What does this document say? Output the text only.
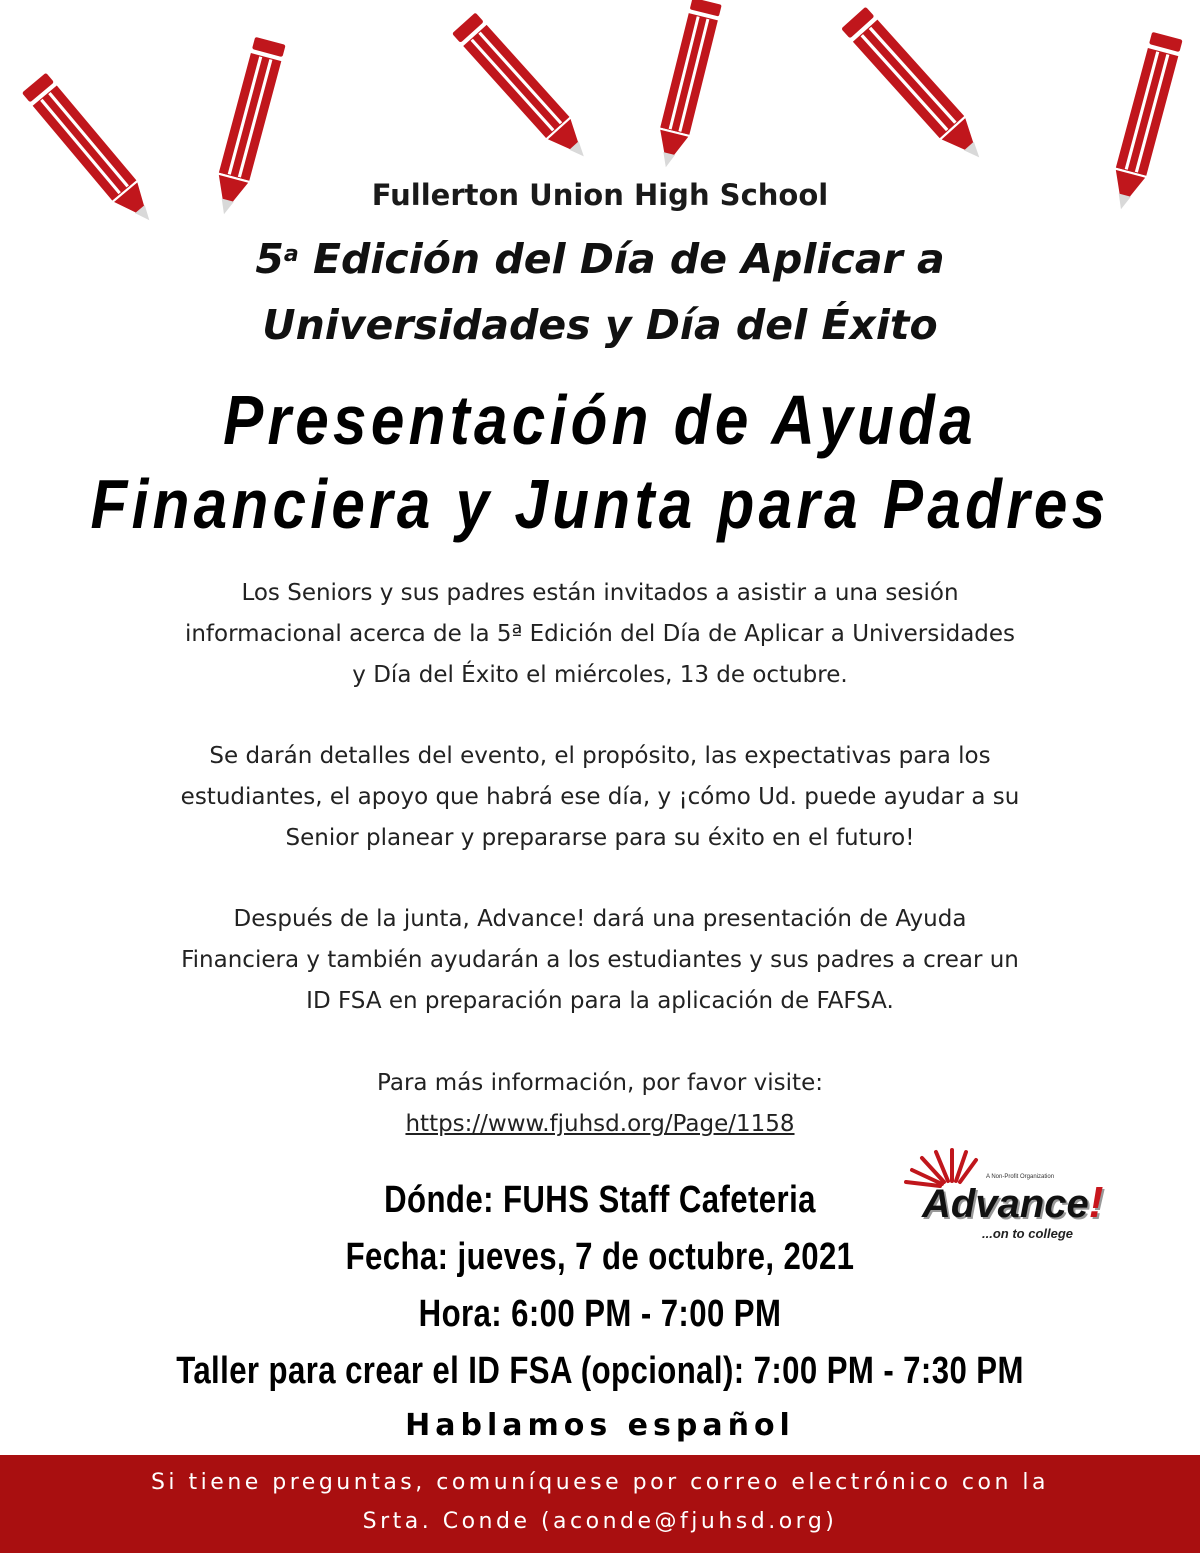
Fullerton Union High School
5$^a$ Edición del Día de Aplicar a
Universidades y Día del Éxito
Presentación de Ayuda
Financiera y Junta para Padres
Los Seniors y sus padres están invitados a asistir a una sesión
informacional acerca de la 5ª Edición del Día de Aplicar a Universidades
y Día del Éxito el miércoles, 13 de octubre.
Se darán detalles del evento, el propósito, las expectativas para los
estudiantes, el apoyo que habrá ese día, y ¡cómo Ud. puede ayudar a su
Senior planear y prepararse para su éxito en el futuro!
Después de la junta, Advance! dará una presentación de Ayuda
Financiera y también ayudarán a los estudiantes y sus padres a crear un
ID FSA en preparación para la aplicación de FAFSA.
Para más información, por favor visite:
https://www.fjuhsd.org/Page/1158
Dónde: FUHS Staff Cafeteria
Fecha: jueves, 7 de octubre, 2021
Hora: 6:00 PM - 7:00 PM
Taller para crear el ID FSA (opcional): 7:00 PM - 7:30 PM
Hablamos español
A Non-Profit Organization
Advance!
...on to college
Si tiene preguntas, comuníquese por correo electrónico con la
Srta. Conde (aconde@fjuhsd.org)
